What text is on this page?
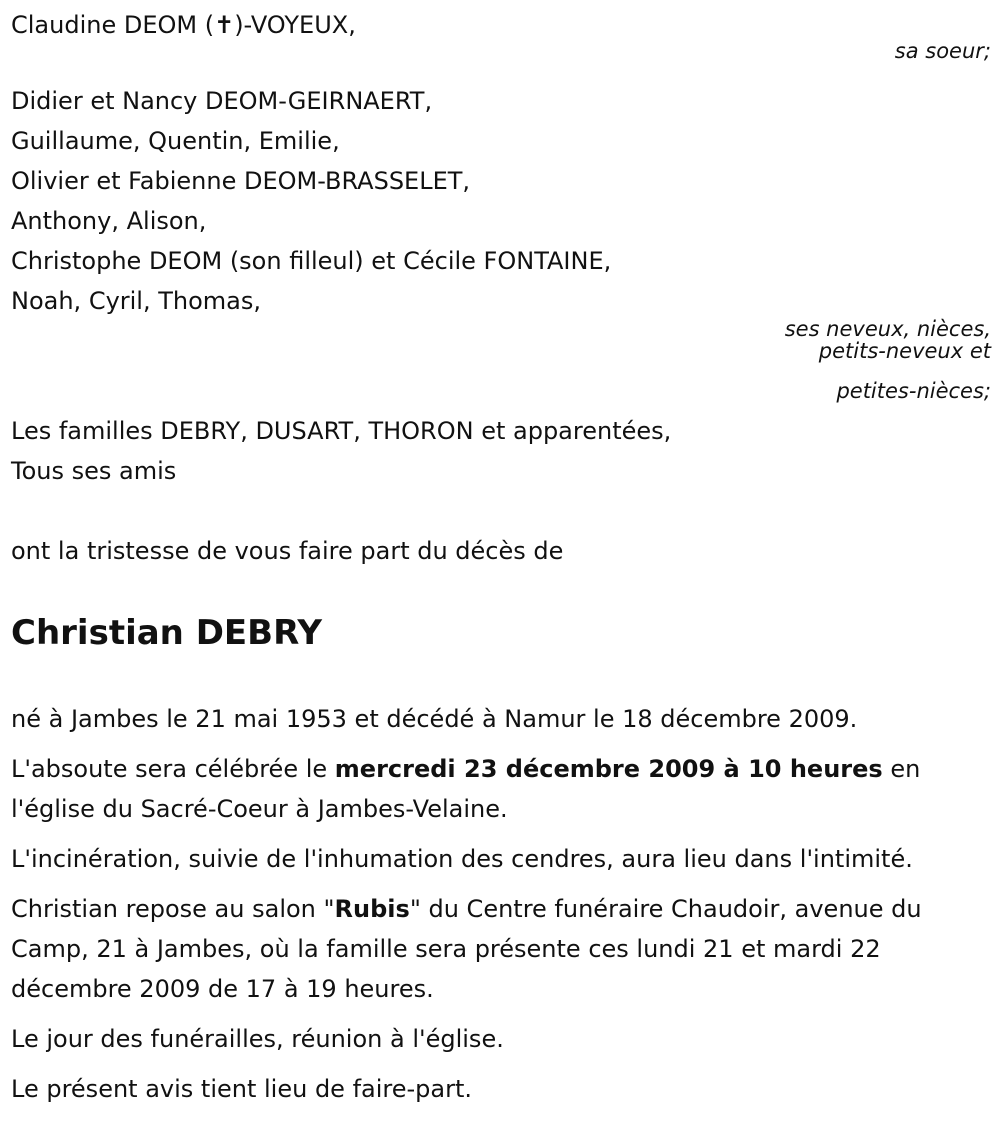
Claudine DEOM (✝)-VOYEUX,
sa soeur;
Didier et Nancy DEOM-GEIRNAERT,
Guillaume, Quentin, Emilie,
Olivier et Fabienne DEOM-BRASSELET,
Anthony, Alison,
Christophe DEOM (son filleul) et Cécile FONTAINE,
Noah, Cyril, Thomas,
ses neveux, nièces,
petits-neveux et
petites-nièces;
Les familles DEBRY, DUSART, THORON et apparentées,
Tous ses amis
ont la tristesse de vous faire part du décès de
Christian DEBRY

né à Jambes le 21 mai 1953 et décédé à Namur le 18 décembre 2009.

L'absoute sera célébrée le mercredi 23 décembre 2009 à 10 heures en l'église du Sacré-Coeur à Jambes-Velaine.

L'incinération, suivie de l'inhumation des cendres, aura lieu dans l'intimité.

Christian repose au salon "Rubis" du Centre funéraire Chaudoir, avenue du Camp, 21 à Jambes, où la famille sera présente ces lundi 21 et mardi 22 décembre 2009 de 17 à 19 heures.

Le jour des funérailles, réunion à l'église.

Le présent avis tient lieu de faire-part.
